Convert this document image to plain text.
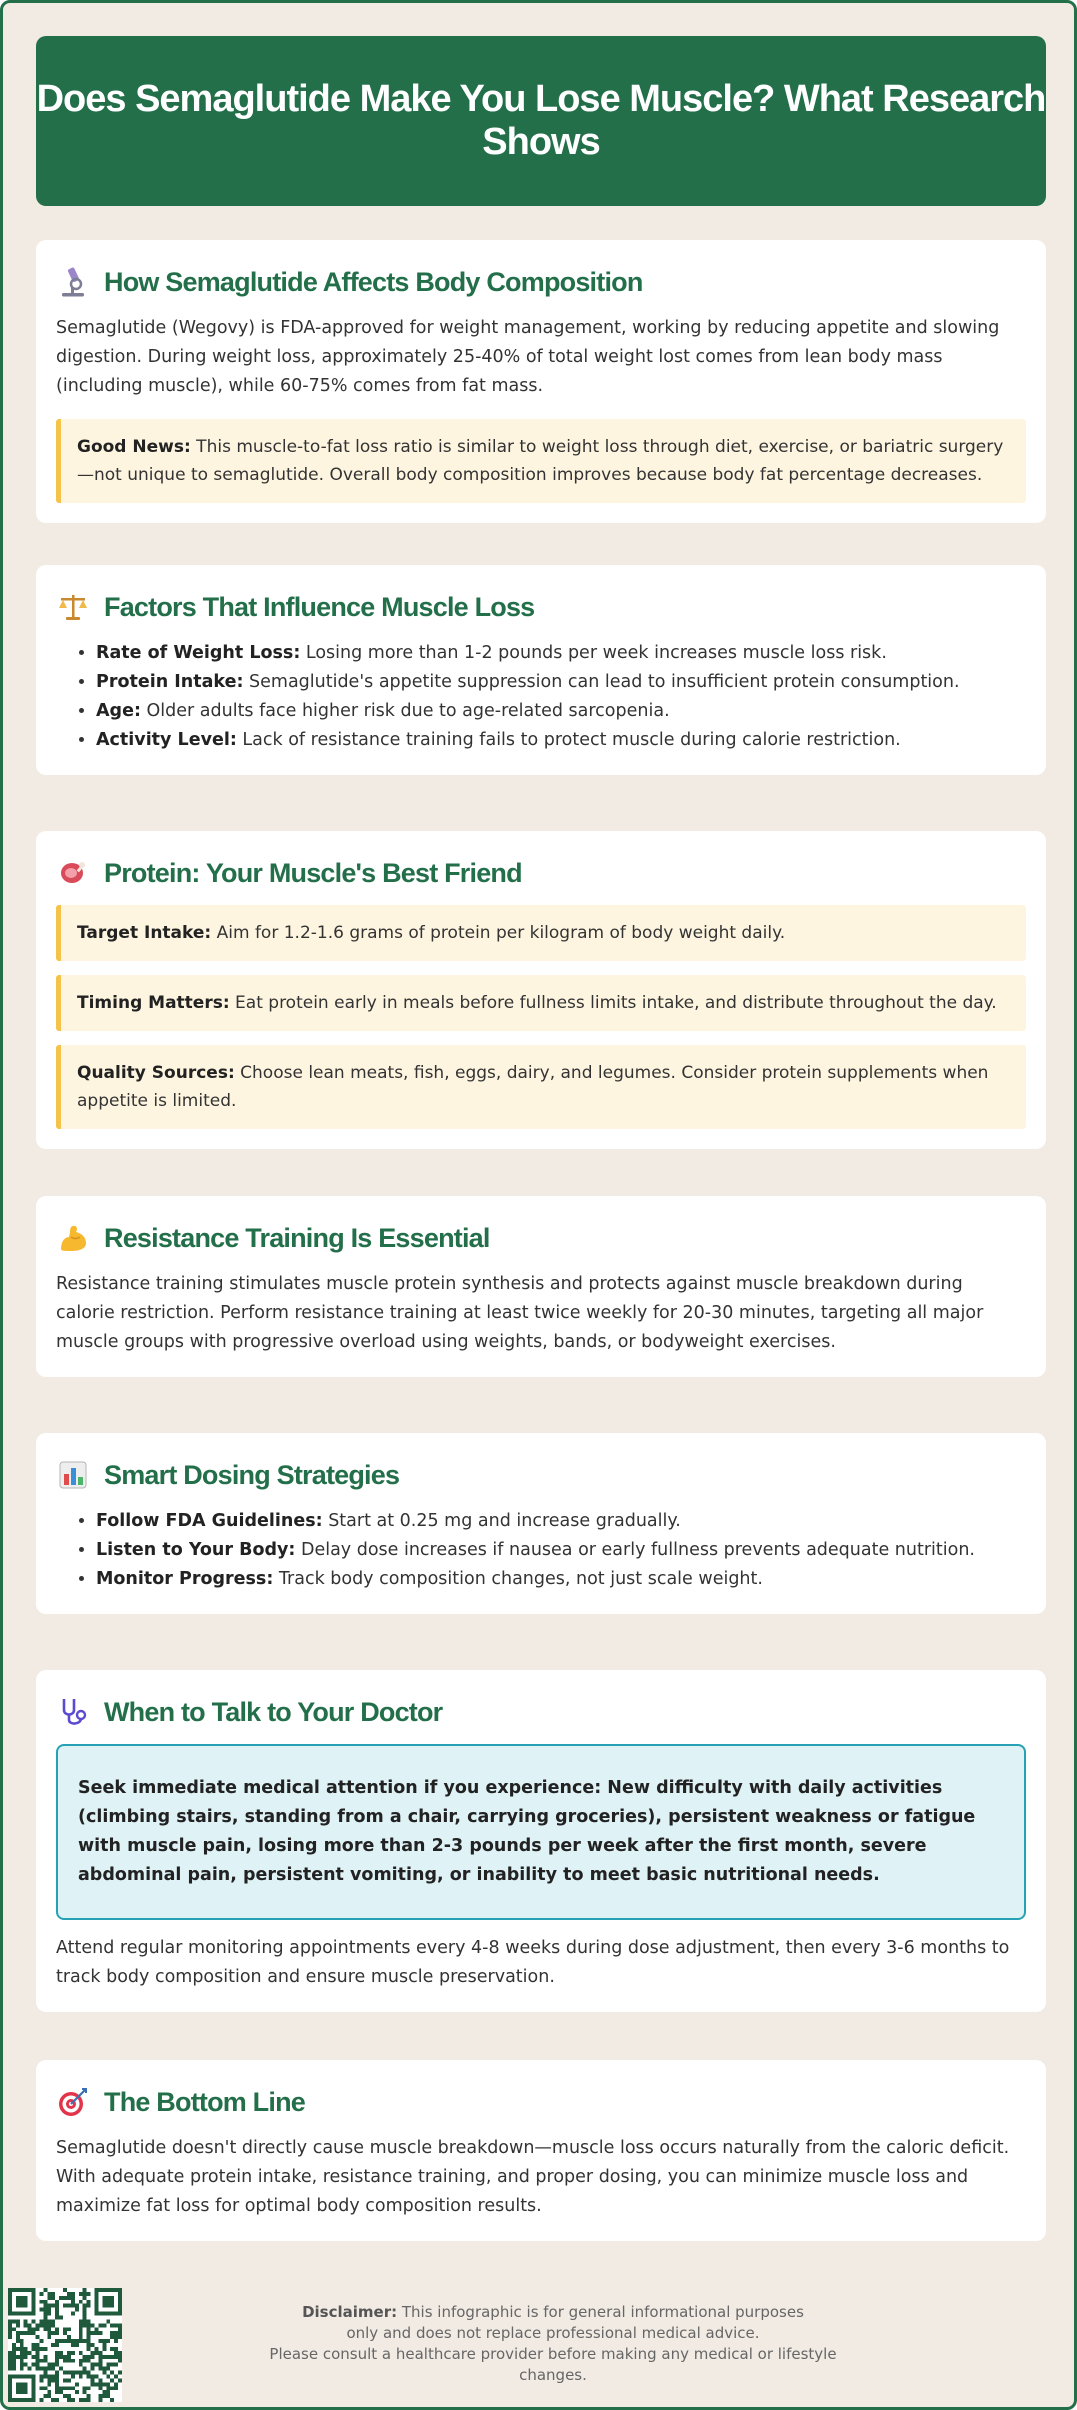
Does Semaglutide Make You Lose Muscle? What Research Shows
How Semaglutide Affects Body Composition

Semaglutide (Wegovy) is FDA-approved for weight management, working by reducing appetite and slowing digestion. During weight loss, approximately 25-40% of total weight lost comes from lean body mass (including muscle), while 60-75% comes from fat mass.

Good News: This muscle-to-fat loss ratio is similar to weight loss through diet, exercise, or bariatric surgery—not unique to semaglutide. Overall body composition improves because body fat percentage decreases.
Factors That Influence Muscle Loss
• Rate of Weight Loss: Losing more than 1-2 pounds per week increases muscle loss risk.
• Protein Intake: Semaglutide's appetite suppression can lead to insufficient protein consumption.
• Age: Older adults face higher risk due to age-related sarcopenia.
• Activity Level: Lack of resistance training fails to protect muscle during calorie restriction.
Protein: Your Muscle's Best Friend
Target Intake: Aim for 1.2-1.6 grams of protein per kilogram of body weight daily.
Timing Matters: Eat protein early in meals before fullness limits intake, and distribute throughout the day.
Quality Sources: Choose lean meats, fish, eggs, dairy, and legumes. Consider protein supplements when appetite is limited.
Resistance Training Is Essential

Resistance training stimulates muscle protein synthesis and protects against muscle breakdown during calorie restriction. Perform resistance training at least twice weekly for 20-30 minutes, targeting all major muscle groups with progressive overload using weights, bands, or bodyweight exercises.

Smart Dosing Strategies
• Follow FDA Guidelines: Start at 0.25 mg and increase gradually.
• Listen to Your Body: Delay dose increases if nausea or early fullness prevents adequate nutrition.
• Monitor Progress: Track body composition changes, not just scale weight.
When to Talk to Your Doctor
Seek immediate medical attention if you experience: New difficulty with daily activities (climbing stairs, standing from a chair, carrying groceries), persistent weakness or fatigue with muscle pain, losing more than 2-3 pounds per week after the first month, severe abdominal pain, persistent vomiting, or inability to meet basic nutritional needs.

Attend regular monitoring appointments every 4-8 weeks during dose adjustment, then every 3-6 months to track body composition and ensure muscle preservation.

The Bottom Line

Semaglutide doesn't directly cause muscle breakdown—muscle loss occurs naturally from the caloric deficit. With adequate protein intake, resistance training, and proper dosing, you can minimize muscle loss and maximize fat loss for optimal body composition results.

Disclaimer: This infographic is for general informational purposes
only and does not replace professional medical advice.
Please consult a healthcare provider before making any medical or lifestyle changes.
